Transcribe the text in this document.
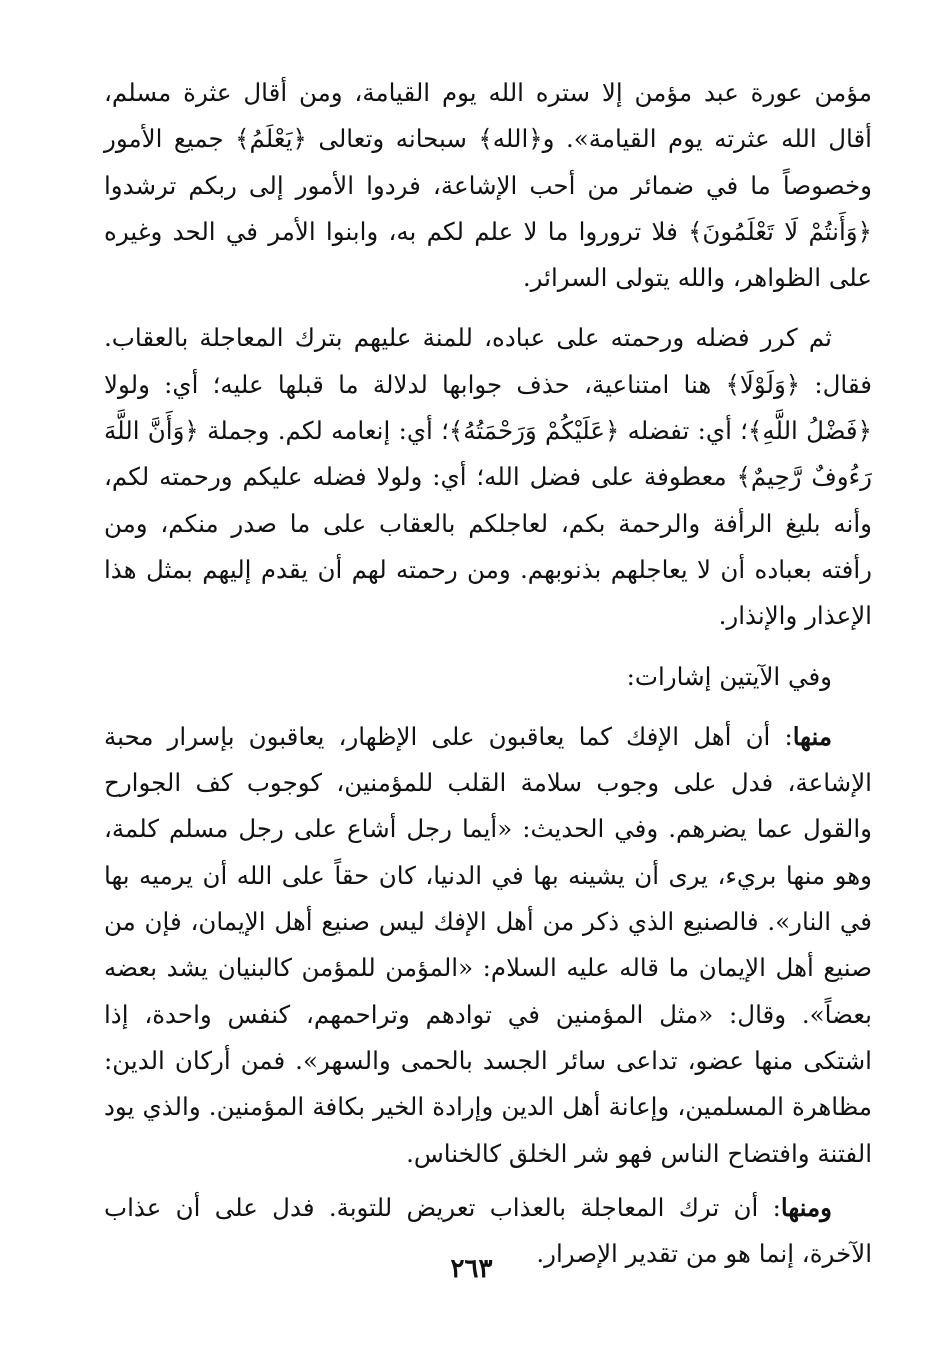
مؤمن عورة عبد مؤمن إلا ستره الله يوم القيامة، ومن أقال عثرة مسلم، أقال الله عثرته يوم القيامة». و﴿الله﴾ سبحانه وتعالى ﴿يَعْلَمُ﴾ جميع الأمور وخصوصاً ما في ضمائر من أحب الإشاعة، فردوا الأمور إلى ربكم ترشدوا ﴿وَأَنتُمْ لَا تَعْلَمُونَ﴾ فلا تروروا ما لا علم لكم به، وابنوا الأمر في الحد وغيره على الظواهر، والله يتولى السرائر.

ثم كرر فضله ورحمته على عباده، للمنة عليهم بترك المعاجلة بالعقاب. فقال: ﴿وَلَوْلَا﴾ هنا امتناعية، حذف جوابها لدلالة ما قبلها عليه؛ أي: ولولا ﴿فَضْلُ اللَّهِ﴾؛ أي: تفضله ﴿عَلَيْكُمْ وَرَحْمَتُهُ﴾؛ أي: إنعامه لكم. وجملة ﴿وَأَنَّ اللَّهَ رَءُوفٌ رَّحِيمٌ﴾ معطوفة على فضل الله؛ أي: ولولا فضله عليكم ورحمته لكم، وأنه بليغ الرأفة والرحمة بكم، لعاجلكم بالعقاب على ما صدر منكم، ومن رأفته بعباده أن لا يعاجلهم بذنوبهم. ومن رحمته لهم أن يقدم إليهم بمثل هذا الإعذار والإنذار.

وفي الآيتين إشارات:

منها: أن أهل الإفك كما يعاقبون على الإظهار، يعاقبون بإسرار محبة الإشاعة، فدل على وجوب سلامة القلب للمؤمنين، كوجوب كف الجوارح والقول عما يضرهم. وفي الحديث: «أيما رجل أشاع على رجل مسلم كلمة، وهو منها بريء، يرى أن يشينه بها في الدنيا، كان حقاً على الله أن يرميه بها في النار». فالصنيع الذي ذكر من أهل الإفك ليس صنيع أهل الإيمان، فإن من صنيع أهل الإيمان ما قاله عليه السلام: «المؤمن للمؤمن كالبنيان يشد بعضه بعضاً». وقال: «مثل المؤمنين في توادهم وتراحمهم، كنفس واحدة، إذا اشتكى منها عضو، تداعى سائر الجسد بالحمى والسهر». فمن أركان الدين: مظاهرة المسلمين، وإعانة أهل الدين وإرادة الخير بكافة المؤمنين. والذي يود الفتنة وافتضاح الناس فهو شر الخلق كالخناس.

ومنها: أن ترك المعاجلة بالعذاب تعريض للتوبة. فدل على أن عذاب الآخرة، إنما هو من تقدير الإصرار.

٢٦٣
